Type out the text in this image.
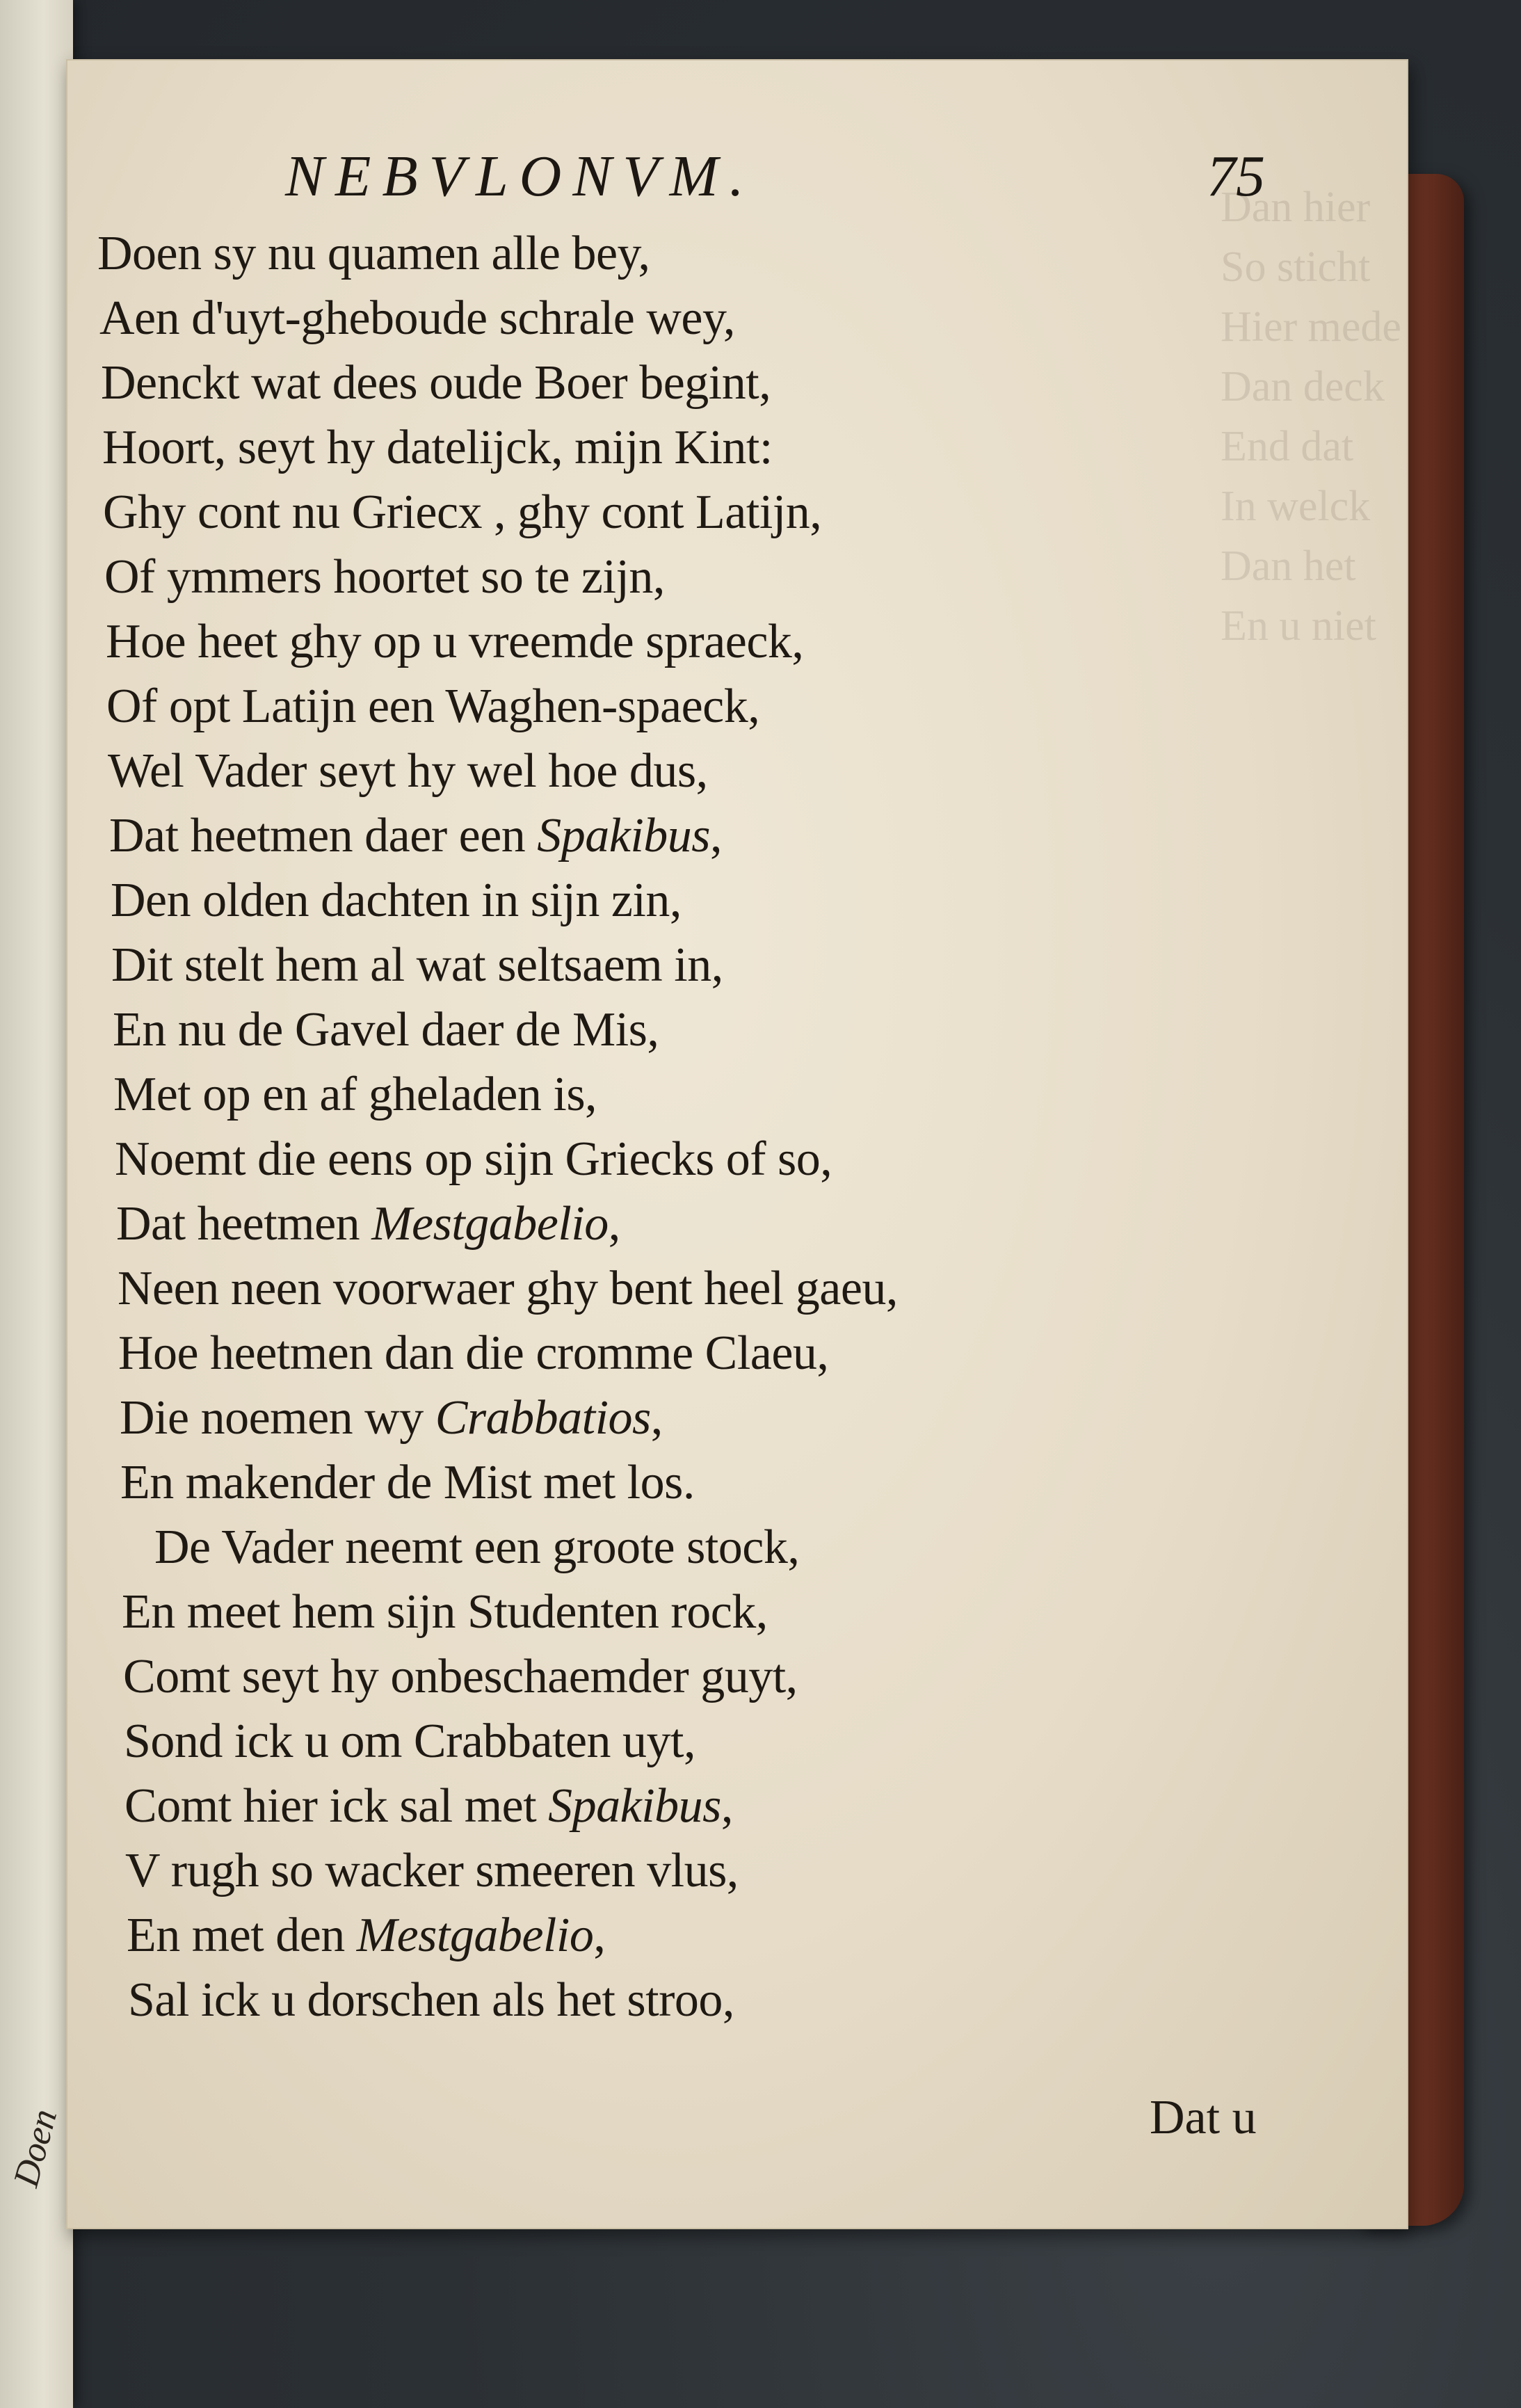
Doen
Dan hier
So sticht
Hier mede
Dan deck
End dat
In welck
Dan het
En u niet
NEBVLONVM.	75
Doen sy nu quamen alle bey,
Aen d'uyt-gheboude schrale wey,
Denckt wat dees oude Boer begint,
Hoort, seyt hy datelijck, mijn Kint:
Ghy cont nu Griecx , ghy cont Latijn,
Of ymmers hoortet so te zijn,
Hoe heet ghy op u vreemde spraeck,
Of opt Latijn een Waghen-spaeck,
Wel Vader seyt hy wel hoe dus,
Dat heetmen daer een Spakibus,
Den olden dachten in sijn zin,
Dit stelt hem al wat seltsaem in,
En nu de Gavel daer de Mis,
Met op en af gheladen is,
Noemt die eens op sijn Griecks of so,
Dat heetmen Mestgabelio,
Neen neen voorwaer ghy bent heel gaeu,
Hoe heetmen dan die cromme Claeu,
Die noemen wy Crabbatios,
En makender de Mist met los.
De Vader neemt een groote stock,
En meet hem sijn Studenten rock,
Comt seyt hy onbeschaemder guyt,
Sond ick u om Crabbaten uyt,
Comt hier ick sal met Spakibus,
V rugh so wacker smeeren vlus,
En met den Mestgabelio,
Sal ick u dorschen als het stroo,
Dat u
